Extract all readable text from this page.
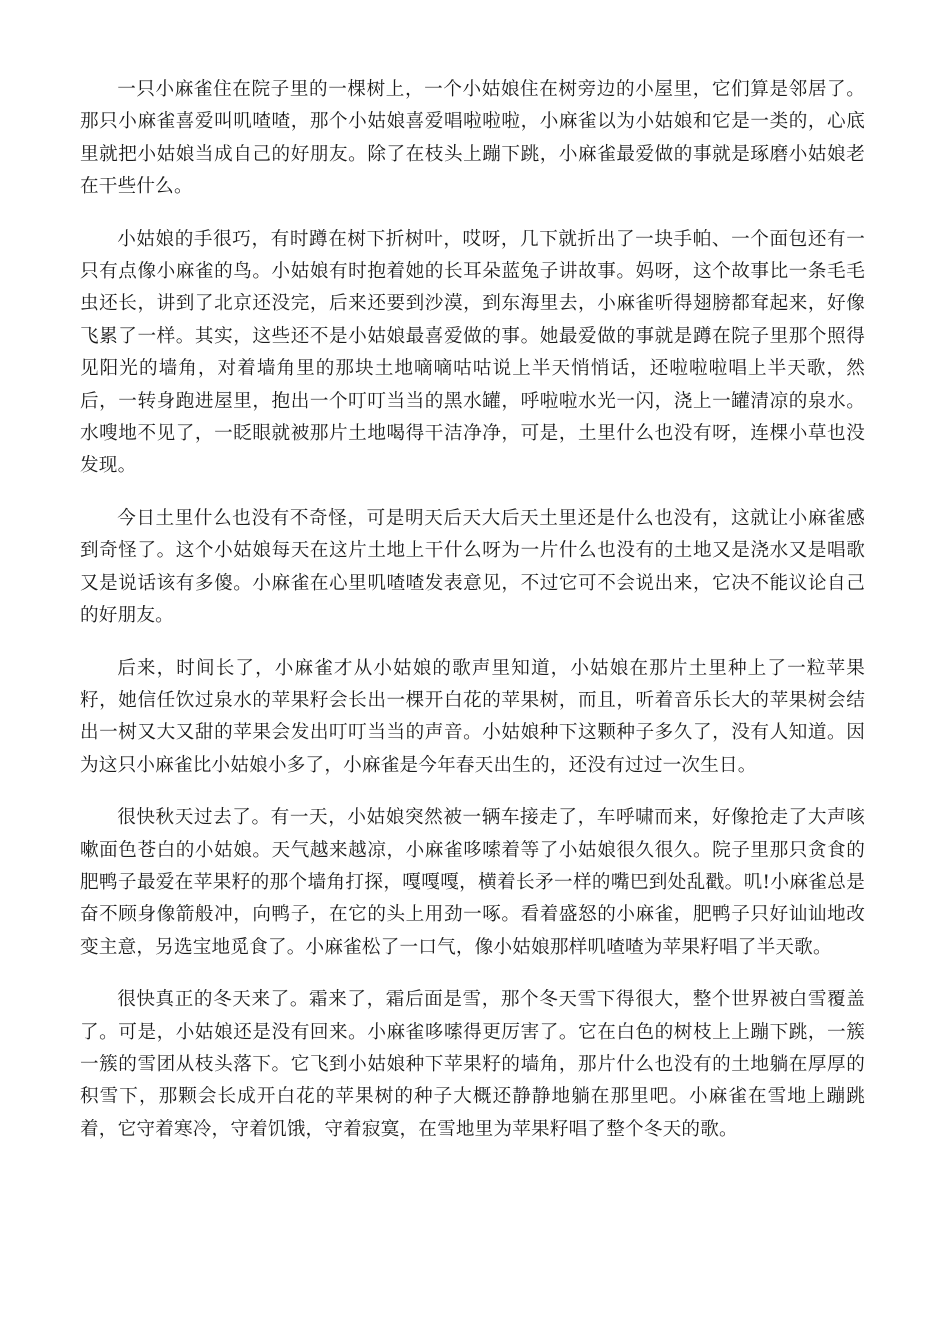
一只小麻雀住在院子里的一棵树上，一个小姑娘住在树旁边的小屋里，它们算是邻居了。那只小麻雀喜爱叫叽喳喳，那个小姑娘喜爱唱啦啦啦，小麻雀以为小姑娘和它是一类的，心底里就把小姑娘当成自己的好朋友。除了在枝头上蹦下跳，小麻雀最爱做的事就是琢磨小姑娘老在干些什么。

小姑娘的手很巧，有时蹲在树下折树叶，哎呀，几下就折出了一块手帕、一个面包还有一只有点像小麻雀的鸟。小姑娘有时抱着她的长耳朵蓝兔子讲故事。妈呀，这个故事比一条毛毛虫还长，讲到了北京还没完，后来还要到沙漠，到东海里去，小麻雀听得翅膀都耷起来，好像飞累了一样。其实，这些还不是小姑娘最喜爱做的事。她最爱做的事就是蹲在院子里那个照得见阳光的墙角，对着墙角里的那块土地嘀嘀咕咕说上半天悄悄话，还啦啦啦唱上半天歌，然后，一转身跑进屋里，抱出一个叮叮当当的黑水罐，呼啦啦水光一闪，浇上一罐清凉的泉水。水嗖地不见了，一眨眼就被那片土地喝得干洁净净，可是，土里什么也没有呀，连棵小草也没发现。

今日土里什么也没有不奇怪，可是明天后天大后天土里还是什么也没有，这就让小麻雀感到奇怪了。这个小姑娘每天在这片土地上干什么呀为一片什么也没有的土地又是浇水又是唱歌又是说话该有多傻。小麻雀在心里叽喳喳发表意见，不过它可不会说出来，它决不能议论自己的好朋友。

后来，时间长了，小麻雀才从小姑娘的歌声里知道，小姑娘在那片土里种上了一粒苹果籽，她信任饮过泉水的苹果籽会长出一棵开白花的苹果树，而且，听着音乐长大的苹果树会结出一树又大又甜的苹果会发出叮叮当当的声音。小姑娘种下这颗种子多久了，没有人知道。因为这只小麻雀比小姑娘小多了，小麻雀是今年春天出生的，还没有过过一次生日。

很快秋天过去了。有一天，小姑娘突然被一辆车接走了，车呼啸而来，好像抢走了大声咳嗽面色苍白的小姑娘。天气越来越凉，小麻雀哆嗦着等了小姑娘很久很久。院子里那只贪食的肥鸭子最爱在苹果籽的那个墙角打探，嘎嘎嘎，横着长矛一样的嘴巴到处乱戳。叽!小麻雀总是奋不顾身像箭般冲，向鸭子，在它的头上用劲一啄。看着盛怒的小麻雀，肥鸭子只好讪讪地改变主意，另选宝地觅食了。小麻雀松了一口气，像小姑娘那样叽喳喳为苹果籽唱了半天歌。

很快真正的冬天来了。霜来了，霜后面是雪，那个冬天雪下得很大，整个世界被白雪覆盖了。可是，小姑娘还是没有回来。小麻雀哆嗦得更厉害了。它在白色的树枝上上蹦下跳，一簇一簇的雪团从枝头落下。它飞到小姑娘种下苹果籽的墙角，那片什么也没有的土地躺在厚厚的积雪下，那颗会长成开白花的苹果树的种子大概还静静地躺在那里吧。小麻雀在雪地上蹦跳着，它守着寒冷，守着饥饿，守着寂寞，在雪地里为苹果籽唱了整个冬天的歌。
